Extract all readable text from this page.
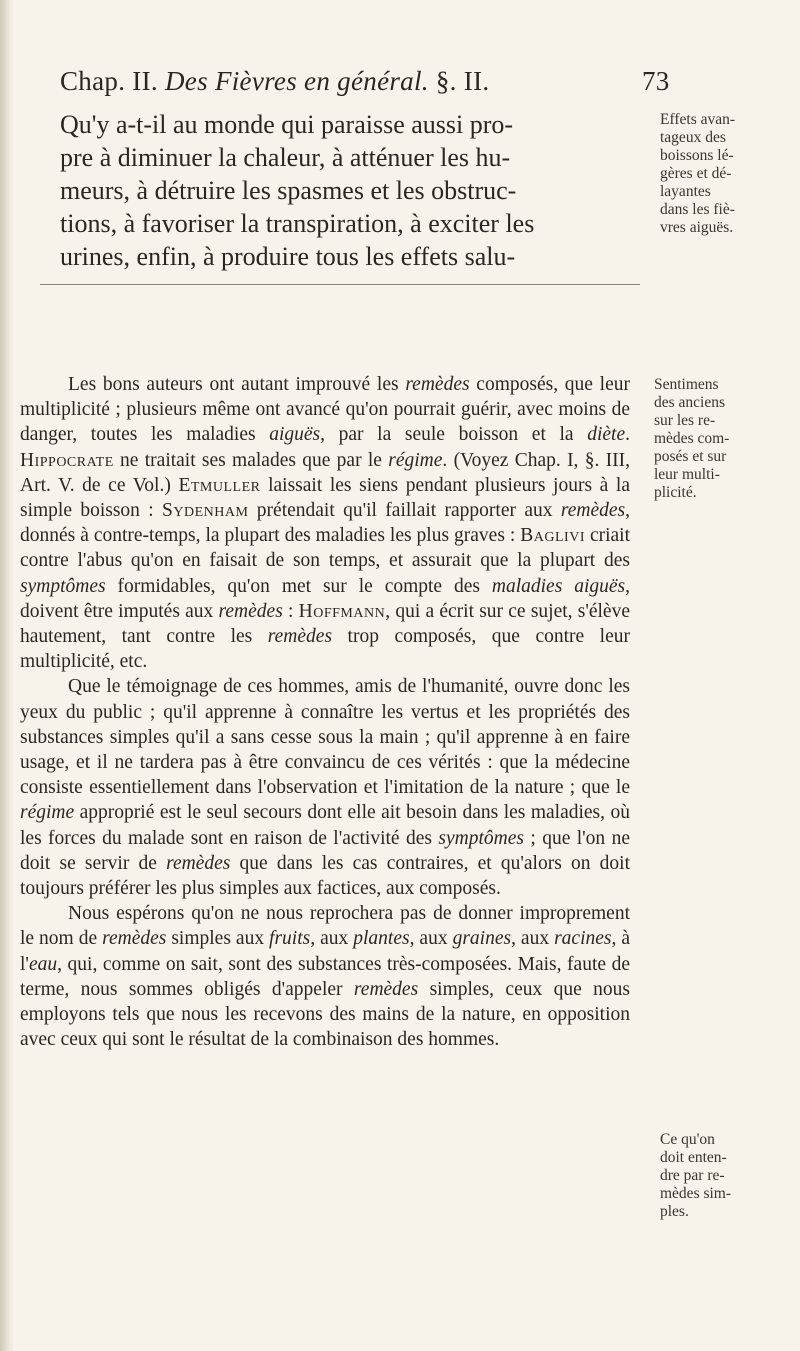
Chap. II. Des Fièvres en général. §. II.	73
Qu'y a-t-il au monde qui paraisse aussi pro-
pre à diminuer la chaleur, à atténuer les hu-
meurs, à détruire les spasmes et les obstruc-
tions, à favoriser la transpiration, à exciter les
urines, enfin, à produire tous les effets salu-
Effets avan-
tageux des
boissons lé-
gères et dé-
layantes
dans les fiè-
vres aiguës.
Sentimens
des anciens
sur les re-
mèdes com-
posés et sur
leur multi-
plicité.

Les bons auteurs ont autant improuvé les remèdes composés, que leur multiplicité ; plusieurs même ont avancé qu'on pourrait guérir, avec moins de danger, toutes les maladies aiguës, par la seule boisson et la diète. Hippocrate ne traitait ses malades que par le régime. (Voyez Chap. I, §. III, Art. V. de ce Vol.) Etmuller laissait les siens pendant plusieurs jours à la simple boisson : Sydenham prétendait qu'il faillait rapporter aux remèdes, donnés à contre-temps, la plupart des maladies les plus graves : Baglivi criait contre l'abus qu'on en faisait de son temps, et assurait que la plupart des symptômes formidables, qu'on met sur le compte des maladies aiguës, doivent être imputés aux remèdes : Hoffmann, qui a écrit sur ce sujet, s'élève hautement, tant contre les remèdes trop composés, que contre leur multiplicité, etc.

Que le témoignage de ces hommes, amis de l'humanité, ouvre donc les yeux du public ; qu'il apprenne à connaître les vertus et les propriétés des substances simples qu'il a sans cesse sous la main ; qu'il apprenne à en faire usage, et il ne tardera pas à être convaincu de ces vérités : que la médecine consiste essentiellement dans l'observation et l'imitation de la nature ; que le régime approprié est le seul secours dont elle ait besoin dans les maladies, où les forces du malade sont en raison de l'activité des symptômes ; que l'on ne doit se servir de remèdes que dans les cas contraires, et qu'alors on doit toujours préférer les plus simples aux factices, aux composés.

Nous espérons qu'on ne nous reprochera pas de donner improprement le nom de remèdes simples aux fruits, aux plantes, aux graines, aux racines, à l'eau, qui, comme on sait, sont des substances très-composées. Mais, faute de terme, nous sommes obligés d'appeler remèdes simples, ceux que nous employons tels que nous les recevons des mains de la nature, en opposition avec ceux qui sont le résultat de la combinaison des hommes.

Ce qu'on
doit enten-
dre par re-
mèdes sim-
ples.
